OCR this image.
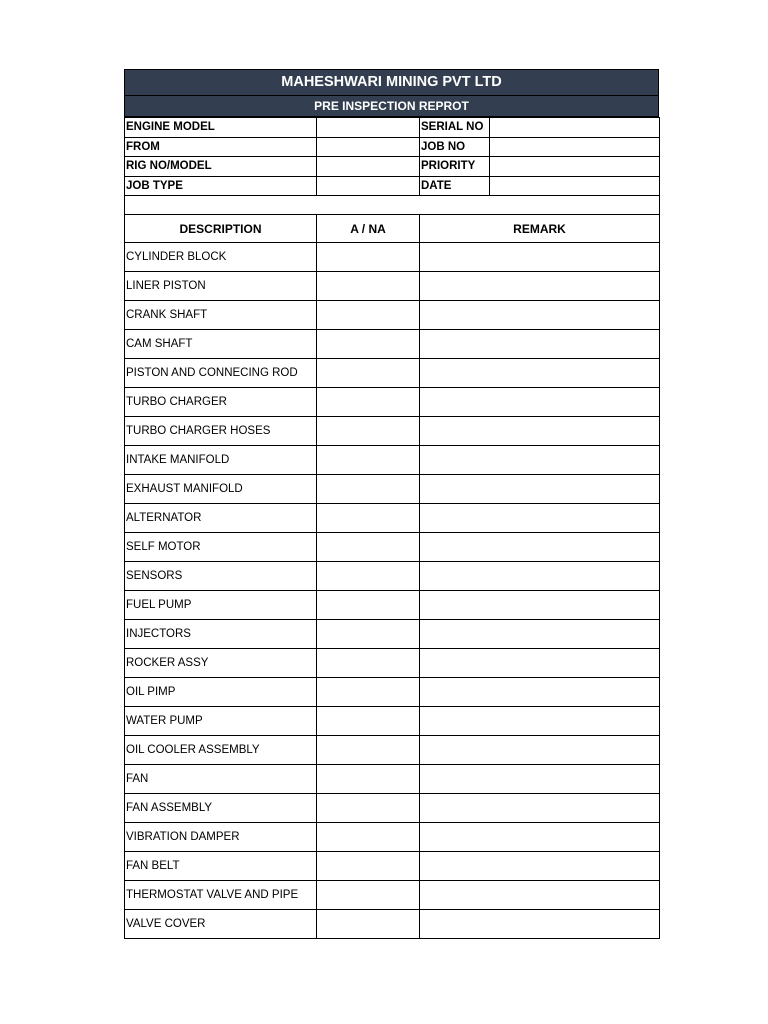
MAHESHWARI MINING PVT LTD
PRE INSPECTION REPROT
ENGINE MODEL		SERIAL NO	
FROM		JOB NO	
RIG NO/MODEL		PRIORITY	
JOB TYPE		DATE	

DESCRIPTION	A / NA	REMARK	
CYLINDER BLOCK			
LINER PISTON			
CRANK SHAFT			
CAM SHAFT			
PISTON AND CONNECING ROD			
TURBO CHARGER			
TURBO CHARGER HOSES			
INTAKE MANIFOLD			
EXHAUST MANIFOLD			
ALTERNATOR			
SELF MOTOR			
SENSORS			
FUEL PUMP			
INJECTORS			
ROCKER ASSY			
OIL PIMP			
WATER PUMP			
OIL COOLER ASSEMBLY			
FAN			
FAN ASSEMBLY			
VIBRATION DAMPER			
FAN BELT			
THERMOSTAT VALVE AND PIPE			
VALVE COVER			
